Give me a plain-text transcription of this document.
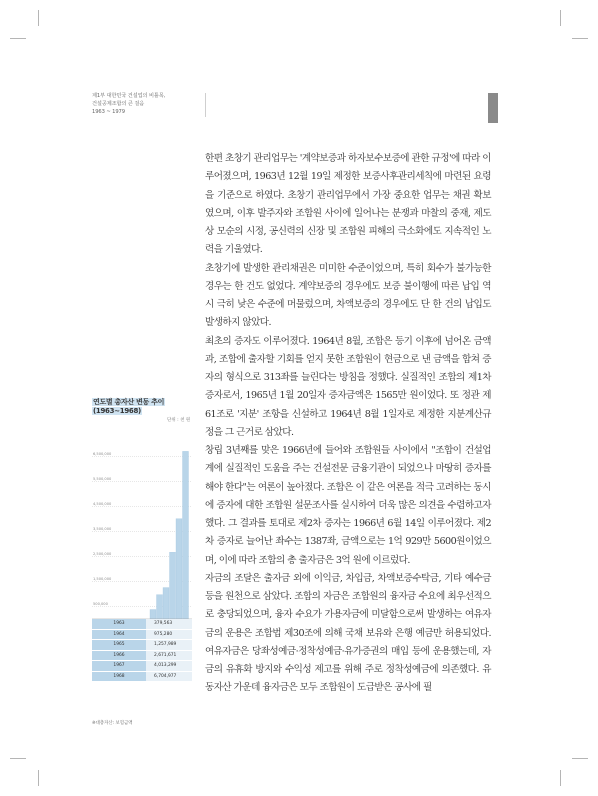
제1부 대한민국 건설업의 비틀목,
건설공제조합의 큰 걸음
1963 ~ 1979

한편 초창기 관리업무는 '계약보증과 하자보수보증에 관한 규정'에 따라 이루어졌으며, 1963년 12월 19일 제정한 보증사후관리세칙에 마련된 요령을 기준으로 하였다. 초창기 관리업무에서 가장 중요한 업무는 채권 확보였으며, 이후 발주자와 조합원 사이에 일어나는 분쟁과 마찰의 중재, 제도상 모순의 시정, 공신력의 신장 및 조합원 피해의 극소화에도 지속적인 노력을 기울였다.

초창기에 발생한 관리채권은 미미한 수준이었으며, 특히 회수가 불가능한 경우는 한 건도 없었다. 계약보증의 경우에도 보증 불이행에 따른 납입 역시 극히 낮은 수준에 머물렀으며, 차액보증의 경우에도 단 한 건의 납입도 발생하지 않았다.

최초의 증자도 이루어졌다. 1964년 8월, 조합은 등기 이후에 넘어온 금액과, 조합에 출자할 기회를 얻지 못한 조합원이 현금으로 낸 금액을 합쳐 증자의 형식으로 313좌를 늘린다는 방침을 정했다. 실질적인 조합의 제1차 증자로서, 1965년 1월 20일자 증자금액은 1565만 원이었다. 또 정관 제61조로 '지분' 조항을 신설하고 1964년 8월 1일자로 제정한 지분계산규정을 그 근거로 삼았다.

창립 3년째를 맞은 1966년에 들어와 조합원들 사이에서 "조합이 건설업계에 실질적인 도움을 주는 건설전문 금융기관이 되었으나 마땅히 증자를 해야 한다"는 여론이 높아졌다. 조합은 이 같은 여론을 적극 고려하는 동시에 증자에 대한 조합원 설문조사를 실시하여 더욱 많은 의견을 수렴하고자 했다. 그 결과를 토대로 제2차 증자는 1966년 6월 14일 이루어졌다. 제2차 증자로 늘어난 좌수는 1387좌, 금액으로는 1억 929만 5600원이었으며, 이에 따라 조합의 총 출자금은 3억 원에 이르렀다.

자금의 조달은 출자금 외에 이익금, 차입금, 차액보증수탁금, 기타 예수금 등을 원천으로 삼았다. 조합의 자금은 조합원의 융자금 수요에 최우선적으로 충당되었으며, 융자 수요가 가용자금에 미달함으로써 발생하는 여유자금의 운용은 조합법 제30조에 의해 국채 보유와 은행 예금만 허용되었다. 여유자금은 당좌성예금·정착성예금·유가증권의 매입 등에 운용했는데, 자금의 유휴화 방지와 수익성 제고를 위해 주로 정착성예금에 의존했다. 유동자산 가운데 융자금은 모두 조합원이 도급받은 공사에 필

연도별 총자산 변동 추이
(1963~1968)
단위 : 천 원
500,000
1,500,000
2,500,000
3,500,000
4,500,000
5,500,000
6,500,000
1963	379,563
1964	975,280
1965	1,257,989
1966	2,671,671
1967	4,013,299
1968	6,704,977
※대총자산: 보험금액
